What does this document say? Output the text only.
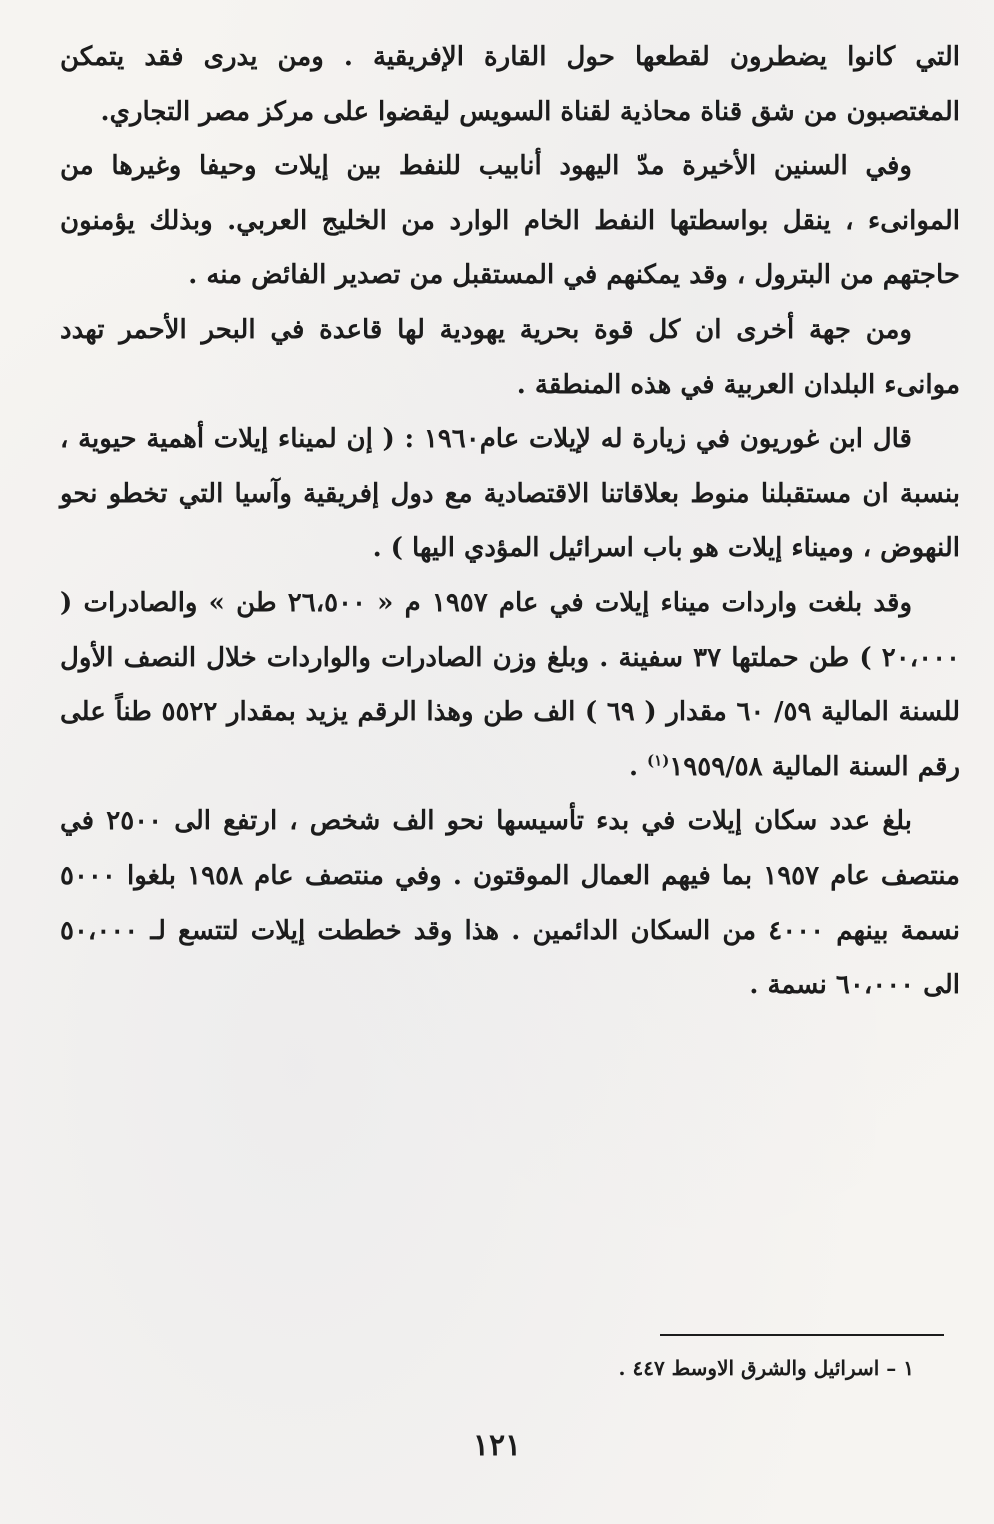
التي كانوا يضطرون لقطعها حول القارة الإفريقية . ومن يدرى فقد يتمكن المغتصبون من شق قناة محاذية لقناة السويس ليقضوا على مركز مصر التجاري.

وفي السنين الأخيرة مدّ اليهود أنابيب للنفط بين إيلات وحيفا وغيرها من الموانىء ، ينقل بواسطتها النفط الخام الوارد من الخليج العربي. وبذلك يؤمنون حاجتهم من البترول ، وقد يمكنهم في المستقبل من تصدير الفائض منه .

ومن جهة أخرى ان كل قوة بحرية يهودية لها قاعدة في البحر الأحمر تهدد موانىء البلدان العربية في هذه المنطقة .

قال ابن غوريون في زيارة له لإيلات عام١٩٦٠ : ( إن لميناء إيلات أهمية حيوية ، بنسبة ان مستقبلنا منوط بعلاقاتنا الاقتصادية مع دول إفريقية وآسيا التي تخطو نحو النهوض ، وميناء إيلات هو باب اسرائيل المؤدي اليها ) .

وقد بلغت واردات ميناء إيلات في عام ١٩٥٧ م « ٢٦،٥٠٠ طن » والصادرات ( ٢٠،٠٠٠ ) طن حملتها ٣٧ سفينة . وبلغ وزن الصادرات والواردات خلال النصف الأول للسنة المالية ٥٩/ ٦٠ مقدار ( ٦٩ ) الف طن وهذا الرقم يزيد بمقدار ٥٥٢٢ طناً على رقم السنة المالية ١٩٥٩/٥٨$^{(١)}$ .

بلغ عدد سكان إيلات في بدء تأسيسها نحو الف شخص ، ارتفع الى ٢٥٠٠ في منتصف عام ١٩٥٧ بما فيهم العمال الموقتون . وفي منتصف عام ١٩٥٨ بلغوا ٥٠٠٠ نسمة بينهم ٤٠٠٠ من السكان الدائمين . هذا وقد خططت إيلات لتتسع لـ ٥٠،٠٠٠ الى ٦٠،٠٠٠ نسمة .

١ – اسرائيل والشرق الاوسط ٤٤٧ .
١٢١
